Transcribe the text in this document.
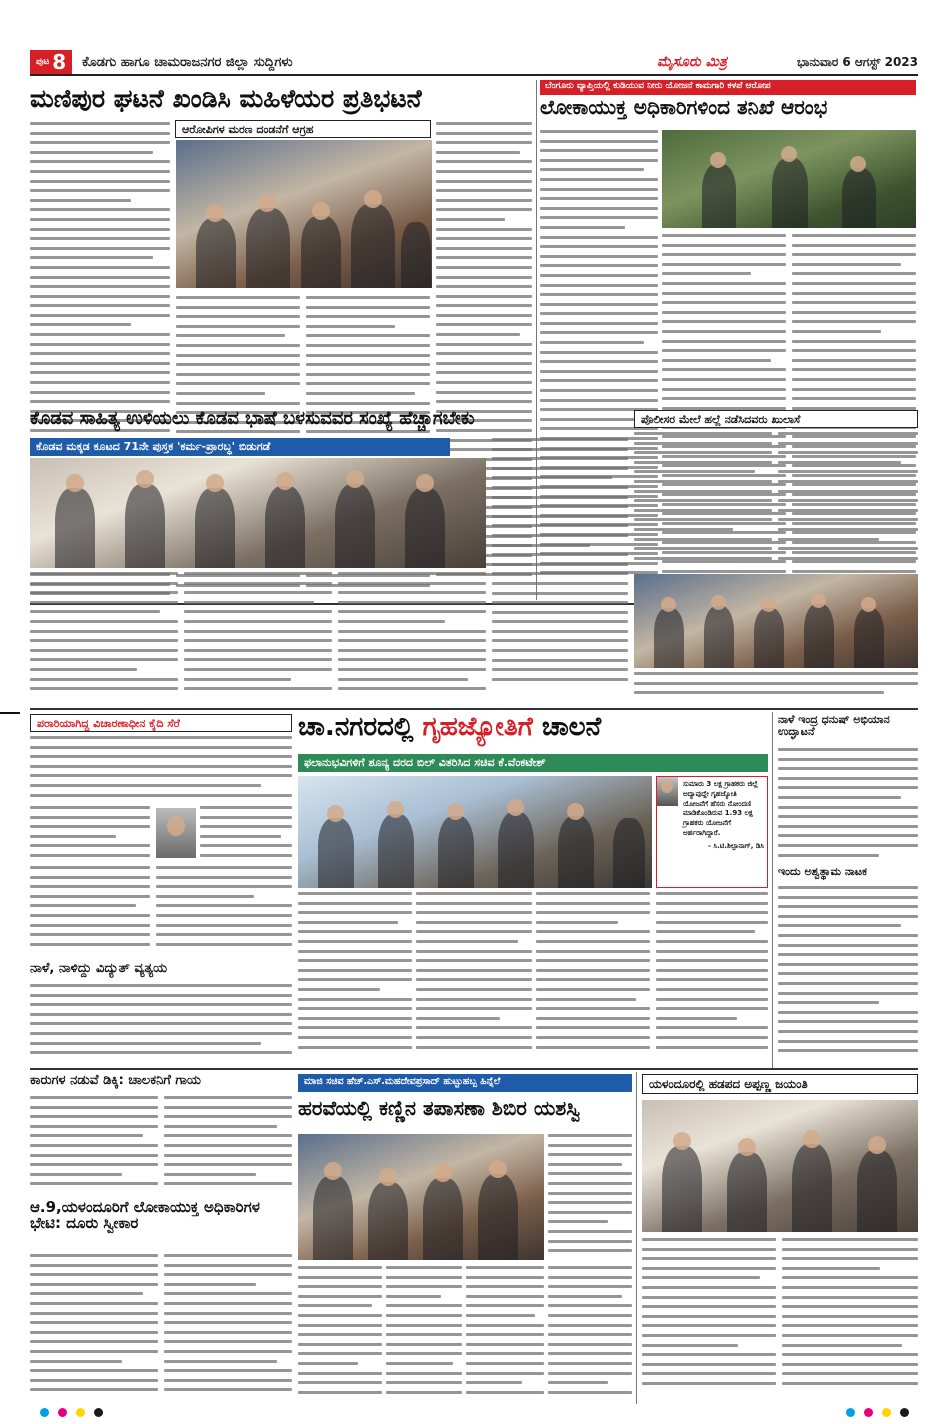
ಪುಟ 8 ಕೊಡಗು ಹಾಗೂ ಚಾಮರಾಜನಗರ ಜಿಲ್ಲಾ ಸುದ್ದಿಗಳು	ಮೈಸೂರು ಮಿತ್ರ	ಭಾನುವಾರ 6 ಆಗಸ್ಟ್ 2023
ಮಣಿಪುರ ಘಟನೆ ಖಂಡಿಸಿ ಮಹಿಳೆಯರ ಪ್ರತಿಭಟನೆ
ಆರೋಪಿಗಳ ಮರಣ ದಂಡನೆಗೆ ಆಗ್ರಹ
ಬೆಂಗೂರು ವ್ಯಾಪ್ತಿಯಲ್ಲಿ ಕುಡಿಯುವ ನೀರು ಯೋಜನೆ ಕಾಮಗಾರಿ ಕಳಪೆ ಆರೋಪ
ಲೋಕಾಯುಕ್ತ ಅಧಿಕಾರಿಗಳಿಂದ ತನಿಖೆ ಆರಂಭ
ಕೊಡವ ಸಾಹಿತ್ಯ ಉಳಿಯಲು ಕೊಡವ ಭಾಷೆ ಬಳಸುವವರ ಸಂಖ್ಯೆ ಹೆಚ್ಚಾಗಬೇಕು
ಕೊಡವ ಮಕ್ಕಡ ಕೂಟದ 71ನೇ ಪುಸ್ತಕ 'ಕರ್ಮ-ಪ್ರಾರಬ್ಧ' ಬಿಡುಗಡೆ
ಪೊಲೀಸರ ಮೇಲೆ ಹಲ್ಲೆ ನಡೆಸಿದವರು ಖುಲಾಸೆ
ಪರಾರಿಯಾಗಿದ್ದ ವಿಚಾರಣಾಧೀನ ಕೈದಿ ಸೆರೆ
ನಾಳೆ, ನಾಳಿದ್ದು ವಿದ್ಯುತ್ ವ್ಯತ್ಯಯ
ಚಾ.ನಗರದಲ್ಲಿ ಗೃಹಜ್ಯೋತಿಗೆ ಚಾಲನೆ
ಫಲಾನುಭವಿಗಳಿಗೆ ಶೂನ್ಯ ದರದ ಬಿಲ್ ವಿತರಿಸಿದ ಸಚಿವ ಕೆ.ವೆಂಕಟೇಶ್
ಸುಮಾರು 3 ಲಕ್ಷ ಗ್ರಾಹಕರು ಜಿಲ್ಲೆ ಅದ್ಯಾವುದ್ದೇ ಗೃಹಜ್ಯೋತಿ ಯೋಜನೆಗೆ ಹೆಸರು ನೋಂದಣಿ ಮಾಡಿಕೊಂಡಿರುವ 1.93 ಲಕ್ಷ ಗ್ರಾಹಕರು ಯೋಜನೆಗೆ ಅರ್ಹರಾಗಿದ್ದಾರೆ.
- ಸಿ.ಟಿ.ಶಿಲ್ಪಾನಾಗ್, ಡಿಸಿ
ನಾಳೆ ಇಂದ್ರ ಧನುಷ್ ಅಭಿಯಾನ ಉದ್ಘಾಟನೆ
ಇಂದು ಅಶ್ವತ್ಥಾಮ ನಾಟಕ
ಕಾರುಗಳ ನಡುವೆ ಡಿಕ್ಕಿ: ಚಾಲಕನಿಗೆ ಗಾಯ
ಆ.9,ಯಳಂದೂರಿಗೆ ಲೋಕಾಯುಕ್ತ ಅಧಿಕಾರಿಗಳ ಭೇಟಿ: ದೂರು ಸ್ವೀಕಾರ
ಮಾಜಿ ಸಚಿವ ಹೆಚ್.ಎಸ್.ಮಹದೇವಪ್ರಸಾದ್ ಹುಟ್ಟುಹಬ್ಬ ಹಿನ್ನೆಲೆ
ಹರವೆಯಲ್ಲಿ ಕಣ್ಣಿನ ತಪಾಸಣಾ ಶಿಬಿರ ಯಶಸ್ವಿ
ಯಳಂದೂರಲ್ಲಿ ಹಡಪದ ಅಪ್ಪಣ್ಣ ಜಯಂತಿ
